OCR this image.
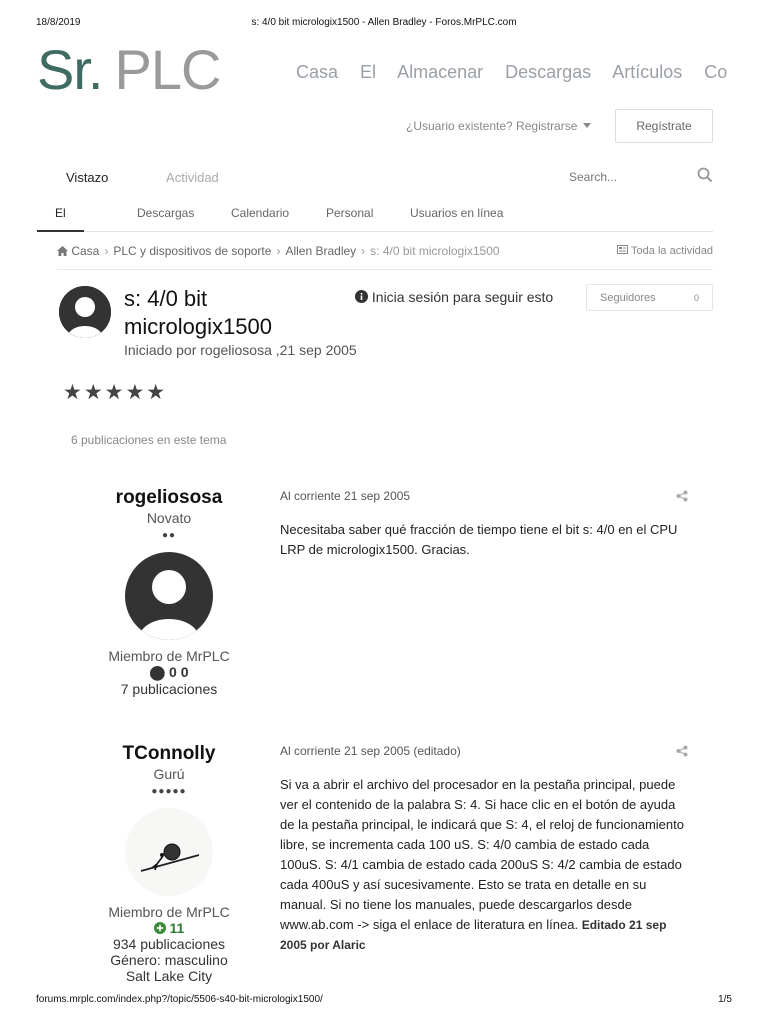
18/8/2019	s: 4/0 bit micrologix1500 - Allen Bradley - Foros.MrPLC.com
Sr. PLC	Casa El Almacenar Descargas Artículos Co
¿Usuario existente? Registrarse	Regístrate
Vistazo	Actividad
Search...
El	Descargas	Calendario	Personal	Usuarios en línea
Casa › PLC y dispositivos de soporte › Allen Bradley › s: 4/0 bit micrologix1500	Toda la actividad
s: 4/0 bit micrologix1500
Iniciado por rogeliososa ,21 sep 2005
Inicia sesión para seguir esto	Seguidores	0
★★★★★
6 publicaciones en este tema
rogeliososa
Novato
●●
Miembro de MrPLC
⬤ 0 0
7 publicaciones
Al corriente 21 sep 2005
Necesitaba saber qué fracción de tiempo tiene el bit s: 4/0 en el CPU LRP de micrologix1500. Gracias.
TConnolly
Gurú
●●●●●
Miembro de MrPLC
11
934 publicaciones
Género: masculino
Salt Lake City
Al corriente 21 sep 2005 (editado)
Si va a abrir el archivo del procesador en la pestaña principal, puede ver el contenido de la palabra S: 4. Si hace clic en el botón de ayuda de la pestaña principal, le indicará que S: 4, el reloj de funcionamiento libre, se incrementa cada 100 uS. S: 4/0 cambia de estado cada 100uS. S: 4/1 cambia de estado cada 200uS S: 4/2 cambia de estado cada 400uS y así sucesivamente. Esto se trata en detalle en su manual. Si no tiene los manuales, puede descargarlos desde www.ab.com -> siga el enlace de literatura en línea. Editado 21 sep 2005 por Alaric
forums.mrplc.com/index.php?/topic/5506-s40-bit-micrologix1500/	1/5
